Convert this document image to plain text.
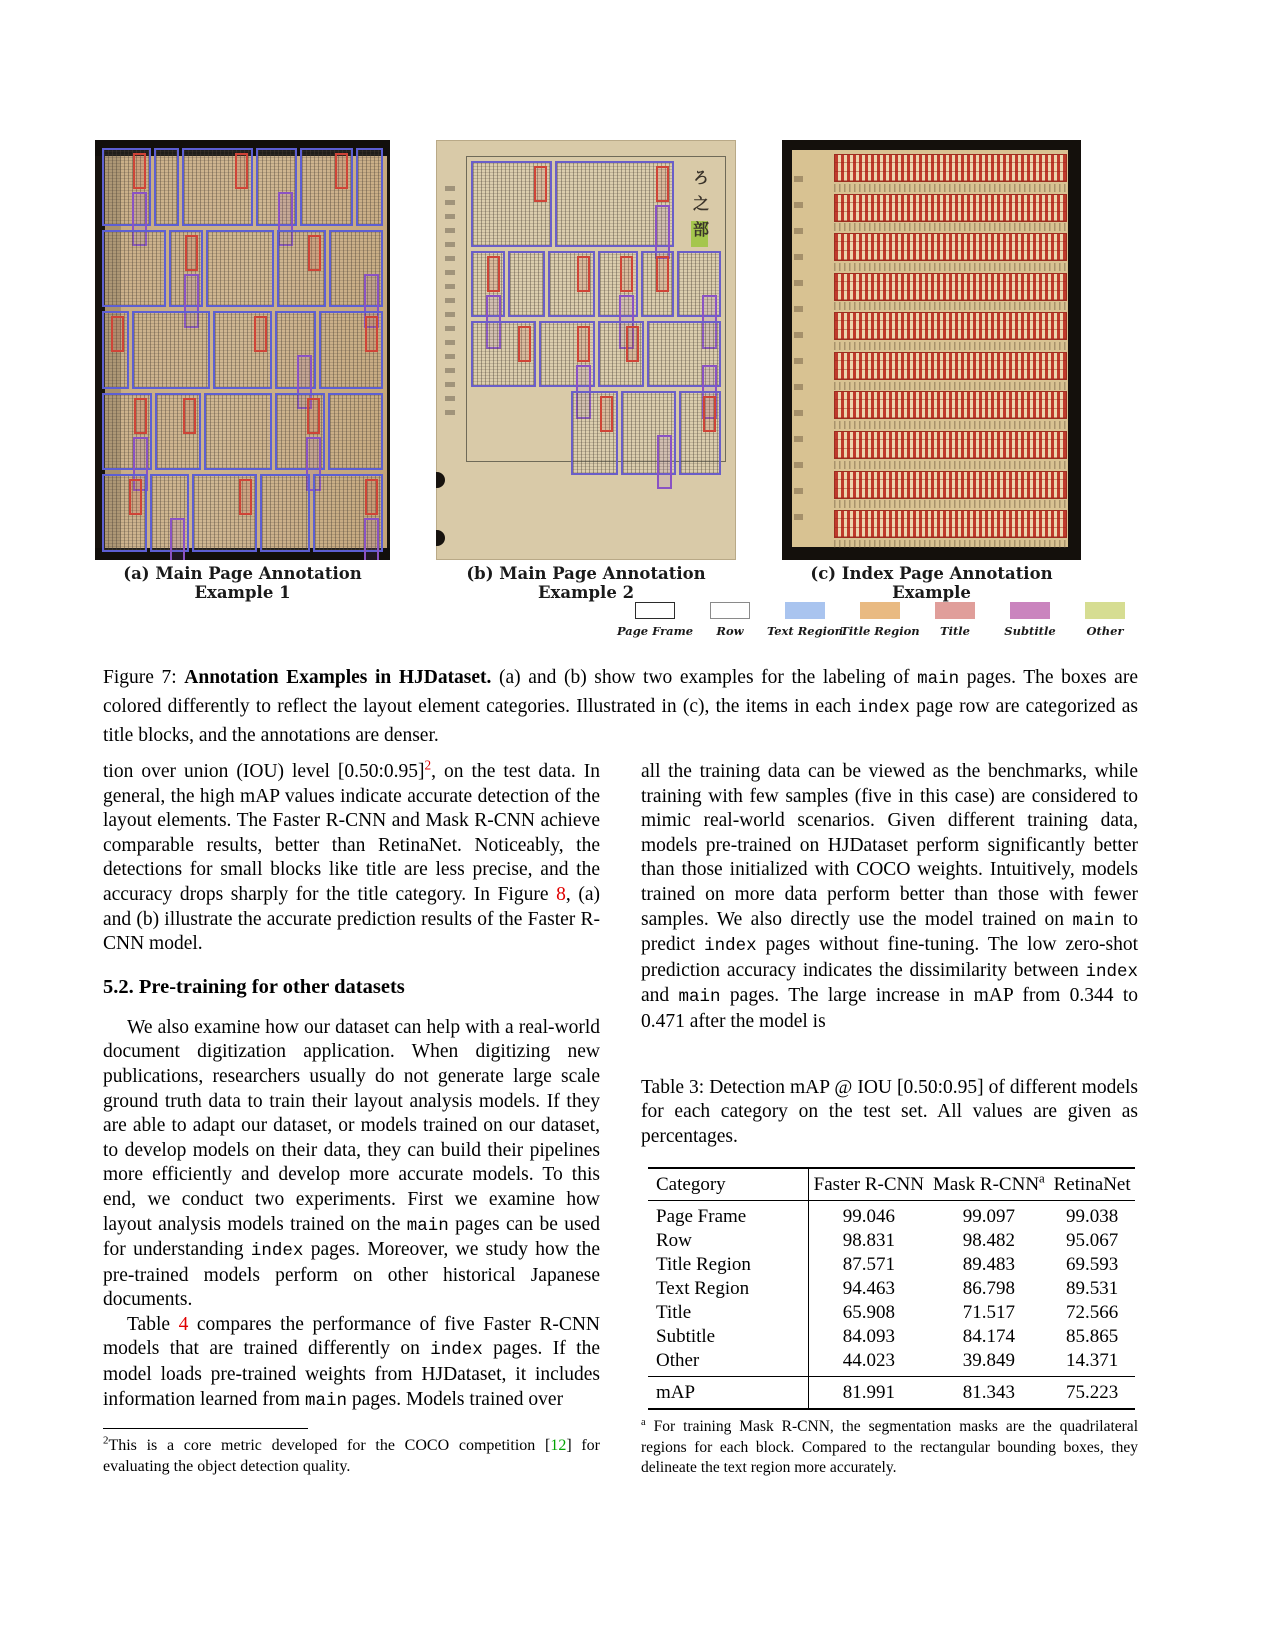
ろ之部
(a) Main Page Annotation Example 1
(b) Main Page Annotation Example 2
(c) Index Page Annotation Example
Page Frame Row Text Region
Title Region Title	Subtitle	Other
Figure 7: Annotation Examples in HJDataset. (a) and (b) show two examples for the labeling of main pages. The boxes are colored differently to reflect the layout element categories. Illustrated in (c), the items in each index page row are categorized as title blocks, and the annotations are denser.

tion over union (IOU) level [0.50:0.95]$^2$, on the test data. In general, the high mAP values indicate accurate detection of the layout elements. The Faster R-CNN and Mask R-CNN achieve comparable results, better than RetinaNet. Noticeably, the detections for small blocks like title are less precise, and the accuracy drops sharply for the title category. In Figure 8, (a) and (b) illustrate the accurate prediction results of the Faster R-CNN model.

5.2. Pre-training for other datasets

We also examine how our dataset can help with a real-world document digitization application. When digitizing new publications, researchers usually do not generate large scale ground truth data to train their layout analysis models. If they are able to adapt our dataset, or models trained on our dataset, to develop models on their data, they can build their pipelines more efficiently and develop more accurate models. To this end, we conduct two experiments. First we examine how layout analysis models trained on the main pages can be used for understanding index pages. Moreover, we study how the pre-trained models perform on other historical Japanese documents.

Table 4 compares the performance of five Faster R-CNN models that are trained differently on index pages. If the model loads pre-trained weights from HJDataset, it includes information learned from main pages. Models trained over

$^2$This is a core metric developed for the COCO competition [12] for evaluating the object detection quality.

all the training data can be viewed as the benchmarks, while training with few samples (five in this case) are considered to mimic real-world scenarios. Given different training data, models pre-trained on HJDataset perform significantly better than those initialized with COCO weights. Intuitively, models trained on more data perform better than those with fewer samples. We also directly use the model trained on main to predict index pages without fine-tuning. The low zero-shot prediction accuracy indicates the dissimilarity between index and main pages. The large increase in mAP from 0.344 to 0.471 after the model is

Table 3: Detection mAP @ IOU [0.50:0.95] of different models for each category on the test set. All values are given as percentages.

Category	Faster R-CNN	Mask R-CNN$^a$	RetinaNet
Page Frame	99.046	99.097	99.038
Row	98.831	98.482	95.067
Title Region	87.571	89.483	69.593
Text Region	94.463	86.798	89.531
Title	65.908	71.517	72.566
Subtitle	84.093	84.174	85.865
Other	44.023	39.849	14.371
mAP	81.991	81.343	75.223

$^a$ For training Mask R-CNN, the segmentation masks are the quadrilateral regions for each block. Compared to the rectangular bounding boxes, they delineate the text region more accurately.
